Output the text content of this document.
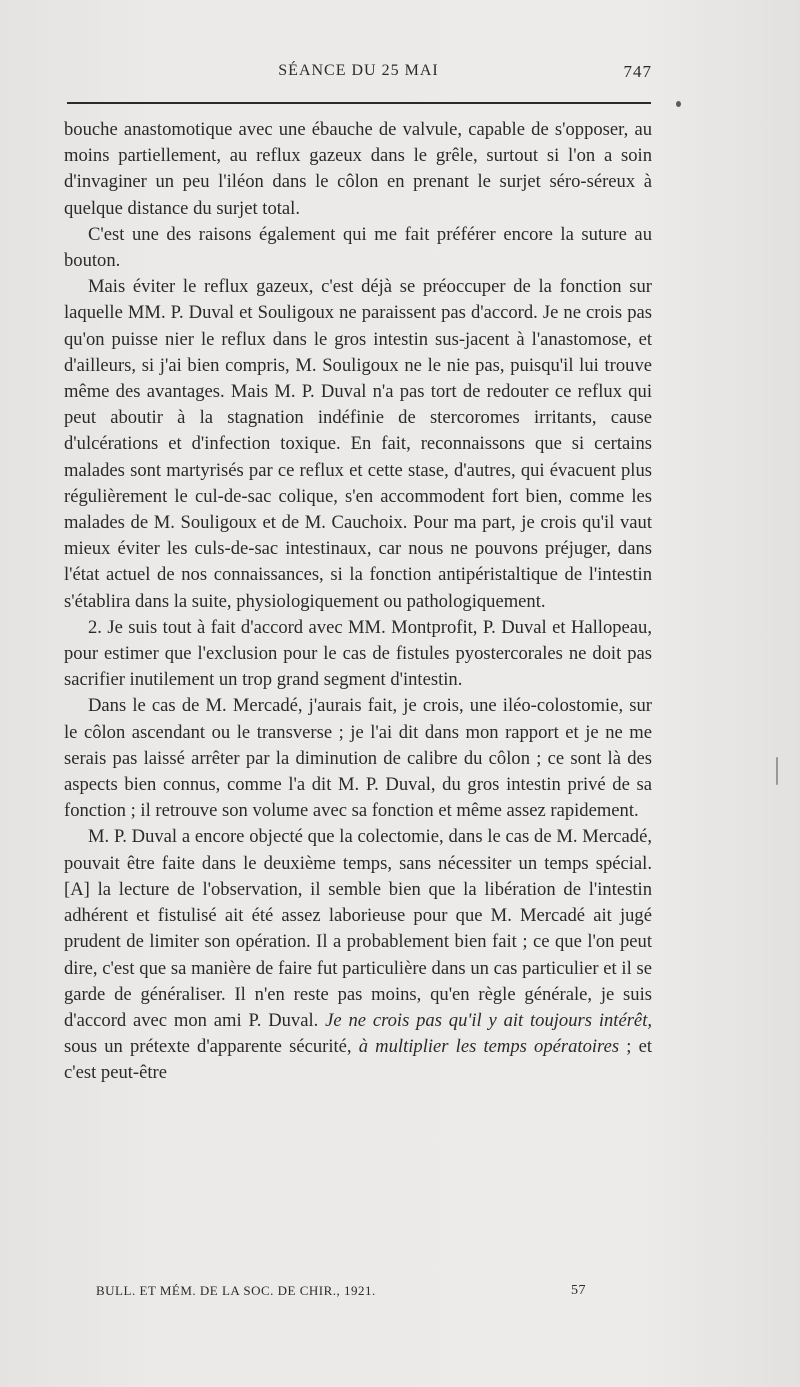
SÉANCE DU 25 MAI	747

bouche anastomotique avec une ébauche de valvule, capable de s'opposer, au moins partiellement, au reflux gazeux dans le grêle, surtout si l'on a soin d'invaginer un peu l'iléon dans le côlon en prenant le surjet séro-séreux à quelque distance du surjet total.

C'est une des raisons également qui me fait préférer encore la suture au bouton.

Mais éviter le reflux gazeux, c'est déjà se préoccuper de la fonction sur laquelle MM. P. Duval et Souligoux ne paraissent pas d'accord. Je ne crois pas qu'on puisse nier le reflux dans le gros intestin sus-jacent à l'anastomose, et d'ailleurs, si j'ai bien compris, M. Souligoux ne le nie pas, puisqu'il lui trouve même des avantages. Mais M. P. Duval n'a pas tort de redouter ce reflux qui peut aboutir à la stagnation indéfinie de stercoromes irritants, cause d'ulcérations et d'infection toxique. En fait, reconnaissons que si certains malades sont martyrisés par ce reflux et cette stase, d'autres, qui évacuent plus régulièrement le cul-de-sac colique, s'en accommodent fort bien, comme les malades de M. Souligoux et de M. Cauchoix. Pour ma part, je crois qu'il vaut mieux éviter les culs-de-sac intestinaux, car nous ne pouvons préjuger, dans l'état actuel de nos connaissances, si la fonction antipéristaltique de l'intestin s'établira dans la suite, physiologiquement ou pathologiquement.

2. Je suis tout à fait d'accord avec MM. Montprofit, P. Duval et Hallopeau, pour estimer que l'exclusion pour le cas de fistules pyostercorales ne doit pas sacrifier inutilement un trop grand segment d'intestin.

Dans le cas de M. Mercadé, j'aurais fait, je crois, une iléo-colostomie, sur le côlon ascendant ou le transverse ; je l'ai dit dans mon rapport et je ne me serais pas laissé arrêter par la diminution de calibre du côlon ; ce sont là des aspects bien connus, comme l'a dit M. P. Duval, du gros intestin privé de sa fonction ; il retrouve son volume avec sa fonction et même assez rapidement.

M. P. Duval a encore objecté que la colectomie, dans le cas de M. Mercadé, pouvait être faite dans le deuxième temps, sans nécessiter un temps spécial. [A] la lecture de l'observation, il semble bien que la libération de l'intestin adhérent et fistulisé ait été assez laborieuse pour que M. Mercadé ait jugé prudent de limiter son opération. Il a probablement bien fait ; ce que l'on peut dire, c'est que sa manière de faire fut particulière dans un cas particulier et il se garde de généraliser. Il n'en reste pas moins, qu'en règle générale, je suis d'accord avec mon ami P. Duval. Je ne crois pas qu'il y ait toujours intérêt, sous un prétexte d'apparente sécurité, à multiplier les temps opératoires ; et c'est peut-être

BULL. ET MÉM. DE LA SOC. DE CHIR., 1921.	57
